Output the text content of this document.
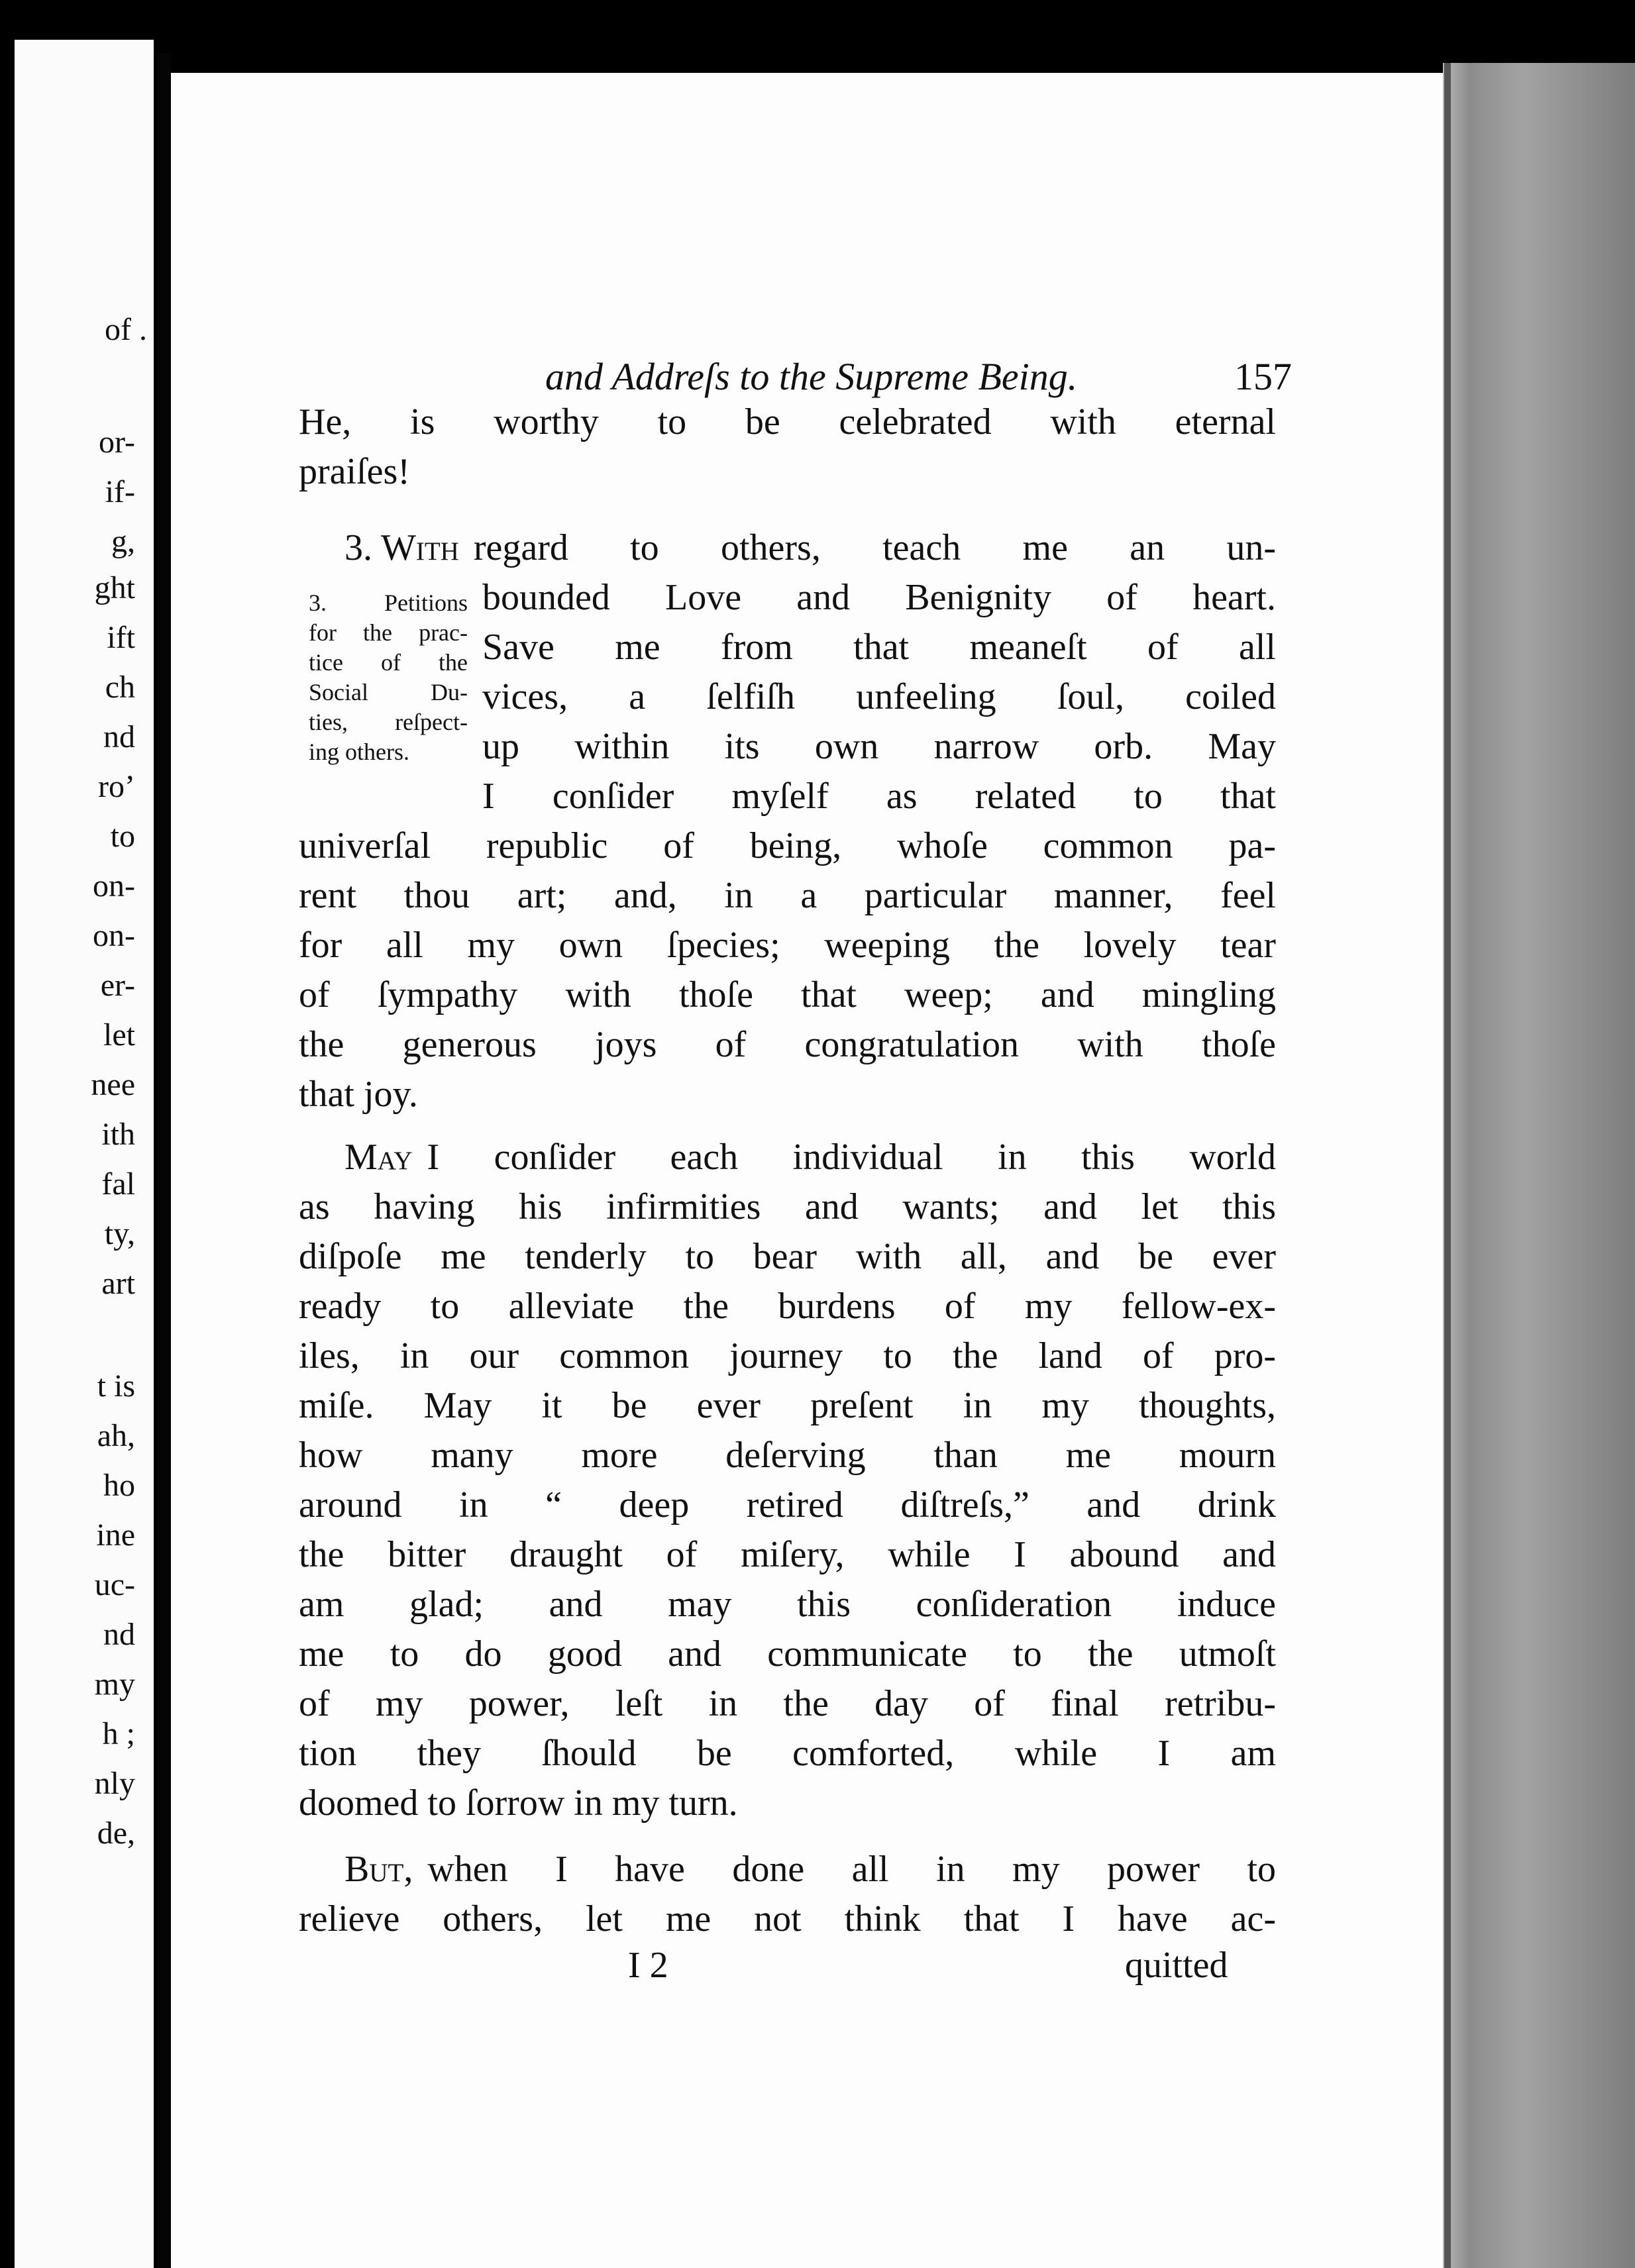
of .
or-
if-
g,
ght
ift
ch
nd
ro’
to
on-
on-
er-
let
nee
ith
fal
ty,
art
t is
ah,
ho
ine
uc-
nd
my
h ;
nly
de,
and Addreſs to the Supreme Being.	157
He, is worthy to be celebrated with eternal
praiſes!
3. With regard to others, teach me an un-
3. Petitions
for the prac-
tice of the
Social Du-
ties, reſpect-
ing others.
bounded Love and Benignity of heart.
Save me from that meaneſt of all
vices, a ſelfiſh unfeeling ſoul, coiled
up within its own narrow orb. May
I conſider myſelf as related to that
univerſal republic of being, whoſe common pa-
rent thou art; and, in a particular manner, feel
for all my own ſpecies; weeping the lovely tear
of ſympathy with thoſe that weep; and mingling
the generous joys of congratulation with thoſe
that joy.
May I conſider each individual in this world
as having his infirmities and wants; and let this
diſpoſe me tenderly to bear with all, and be ever
ready to alleviate the burdens of my fellow-ex-
iles, in our common journey to the land of pro-
miſe. May it be ever preſent in my thoughts,
how many more deſerving than me mourn
around in “ deep retired diſtreſs,” and drink
the bitter draught of miſery, while I abound and
am glad; and may this conſideration induce
me to do good and communicate to the utmoſt
of my power, leſt in the day of final retribu-
tion they ſhould be comforted, while I am
doomed to ſorrow in my turn.
But, when I have done all in my power to
relieve others, let me not think that I have ac-
I 2	quitted
